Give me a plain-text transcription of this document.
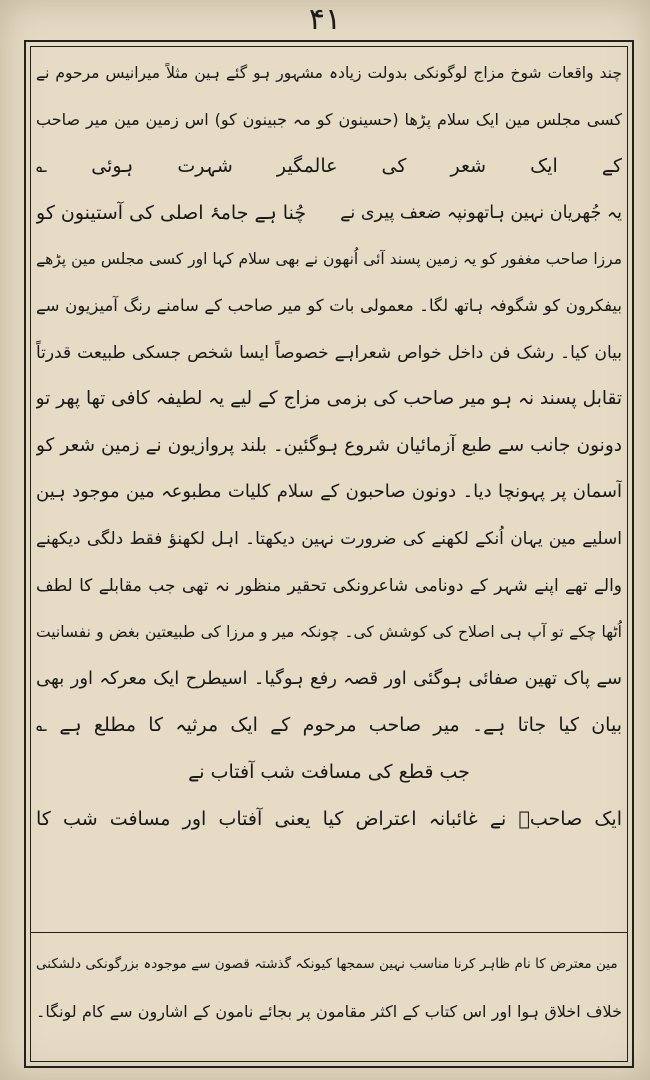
۴۱
چند واقعات شوخ مزاج لوگونکی بدولت زیادہ مشہور ہو گئے ہین مثلاً میرانیس مرحوم نے
کسی مجلس مین ایک سلام پڑھا (حسینون کو مہ جبینون کو) اس زمین مین میر صاحب
کے ایک شعر کی عالمگیر شہرت ہوئی ؎
یہ جُھریان نہین ہاتھونپہ ضعف پیری نے
چُنا ہے جامۂ اصلی کی آستینون کو
مرزا صاحب مغفور کو یہ زمین پسند آئی اُنھون نے بھی سلام کہا اور کسی مجلس مین پڑھے
بیفکرون کو شگوفہ ہاتھ لگا۔ معمولی بات کو میر صاحب کے سامنے رنگ آمیزیون سے
بیان کیا۔ رشک فن داخل خواص شعراہے خصوصاً ایسا شخص جسکی طبیعت قدرتاً
تقابل پسند نہ ہو میر صاحب کی بزمی مزاج کے لیے یہ لطیفہ کافی تھا پھر تو
دونون جانب سے طبع آزمائیان شروع ہوگئین۔ بلند پروازیون نے زمین شعر کو
آسمان پر پہونچا دیا۔ دونون صاحبون کے سلام کلیات مطبوعہ مین موجود ہین
اسلیے مین یہان اُنکے لکھنے کی ضرورت نہین دیکھتا۔ اہل لکھنؤ فقط دلگی دیکھنے
والے تھے اپنے شہر کے دونامی شاعرونکی تحقیر منظور نہ تھی جب مقابلے کا لطف
اُٹھا چکے تو آپ ہی اصلاح کی کوشش کی۔ چونکہ میر و مرزا کی طبیعتین بغض و نفسانیت
سے پاک تھین صفائی ہوگئی اور قصہ رفع ہوگیا۔ اسیطرح ایک معرکہ اور بھی
بیان کیا جاتا ہے۔ میر صاحب مرحوم کے ایک مرثیہ کا مطلع ہے ؎
جب قطع کی مسافت شب آفتاب نے
ایک صاحبؔ نے غائبانہ اعتراض کیا یعنی آفتاب اور مسافت شب کا
ؔ مین معترض کا نام ظاہر کرنا مناسب نہین سمجھا کیونکہ گذشتہ قصون سے موجودہ بزرگونکی دلشکنی
خلاف اخلاق ہوا اور اس کتاب کے اکثر مقامون پر بجائے نامون کے اشارون سے کام لونگا۔
